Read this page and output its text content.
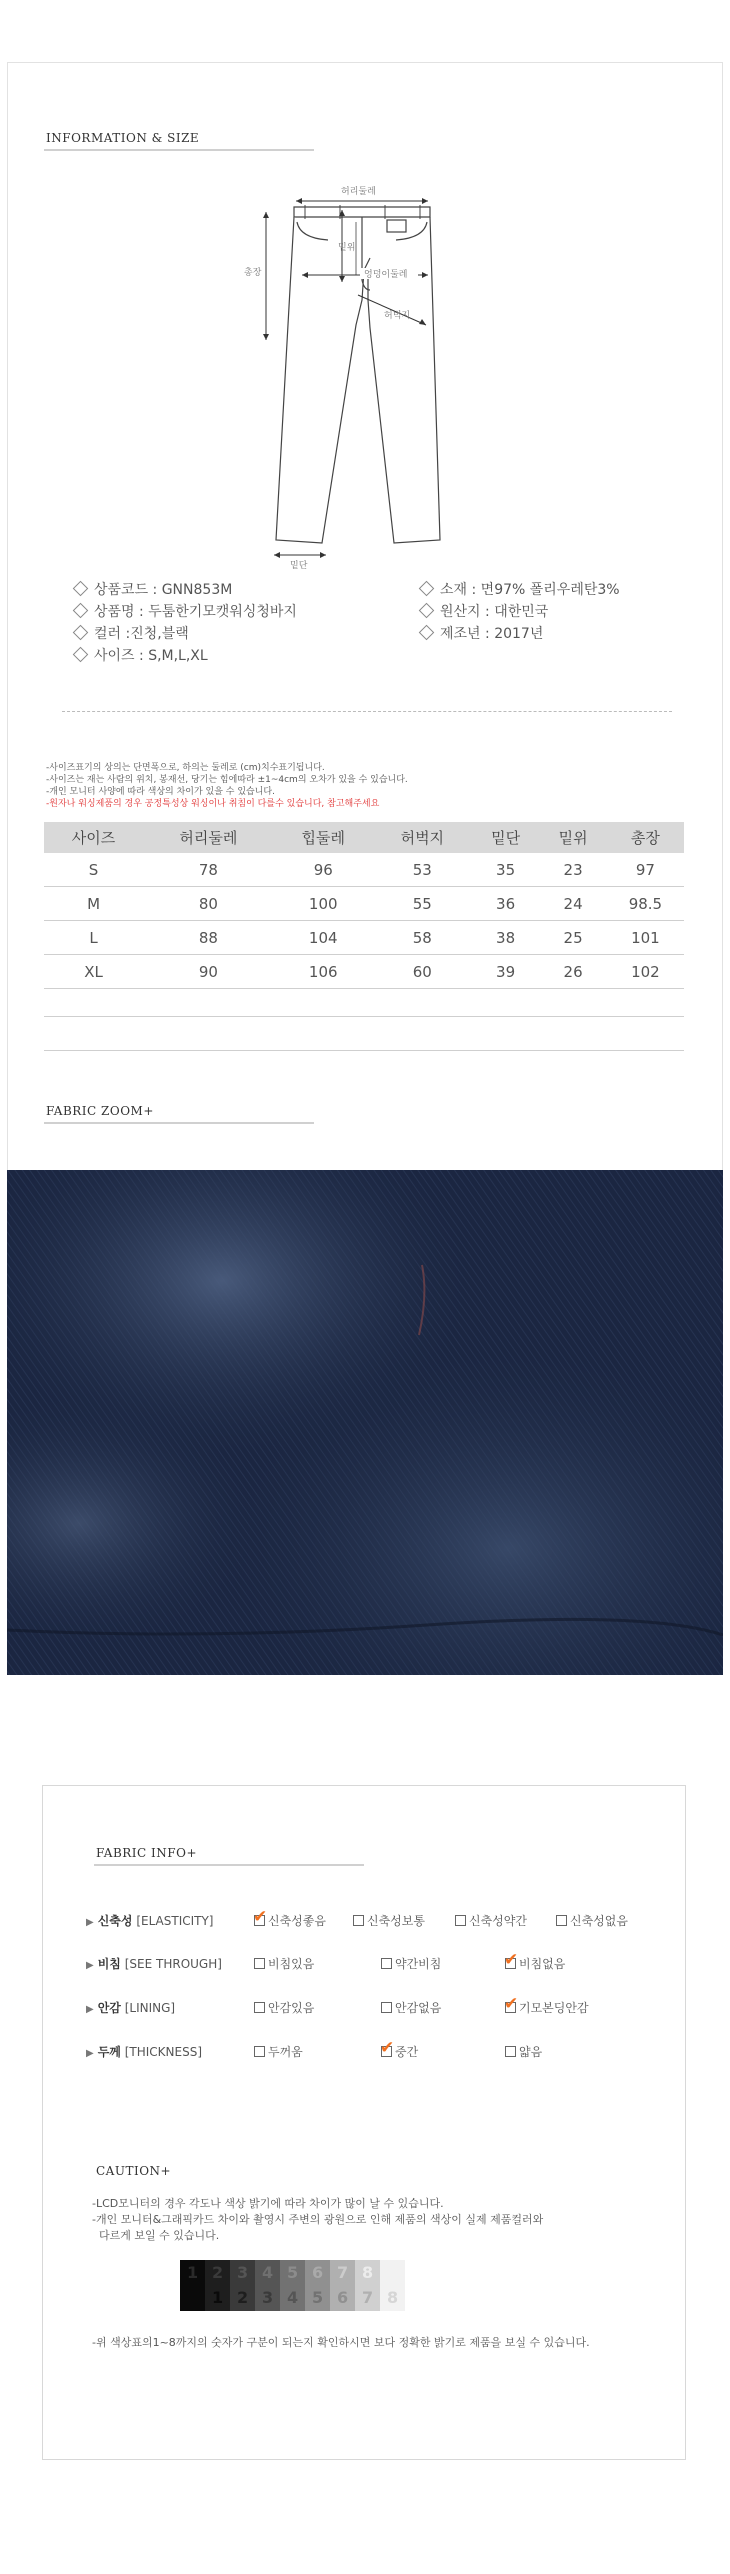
INFORMATION & SIZE
허리둘레
밑위
엉덩이둘레
허벅지
총장
밑단
상품코드 : GNN853M
상품명 : 두툼한기모캣워싱청바지
컬러 :진청,블랙
사이즈 : S,M,L,XL
소재 : 면97% 폴리우레탄3%
원산지 : 대한민국
제조년 : 2017년
-사이즈표기의 상의는 단면폭으로, 하의는 둘레로 (cm)치수표기됩니다.
-사이즈는 재는 사람의 위치, 봉재선, 당기는 힘에따라 ±1~4cm의 오차가 있을 수 있습니다.
-개인 모니터 사양에 따라 색상의 차이가 있을 수 있습니다.
-원자나 워싱제품의 경우 공정특성상 워싱이나 취침이 다를수 있습니다, 참고해주세요
사이즈	허리둘레	힙둘레	허벅지	밑단	밑위	총장
S	78	96	53	35	23	97
M	80	100	55	36	24	98.5
L	88	104	58	38	25	101
XL	90	106	60	39	26	102
FABRIC ZOOM+
FABRIC INFO+
▶ 신축성 [ELASTICITY] ✔	신축성좋음	신축성보통	신축성약간	신축성없음
▶ 비침 [SEE THROUGH]	비침있음	약간비침 ✔	비침없음
▶ 안감 [LINING]	안감있음	안감없음 ✔	기모본딩안감
▶ 두께 [THICKNESS]	두꺼움 ✔	중간	얇음
CAUTION+
-LCD모니터의 경우 각도나 색상 밝기에 따라 차이가 많이 날 수 있습니다.
-개인 모니터&그래픽카드 차이와 촬영시 주변의 광원으로 인해 제품의 색상이 실제 제품컬러와
다르게 보일 수 있습니다.
1 2
1
3
2
4
3
5
4
6
5
7
6
8
7 8
-위 색상표의1~8까지의 숫자가 구분이 되는지 확인하시면 보다 정확한 밝기로 제품을 보실 수 있습니다.
